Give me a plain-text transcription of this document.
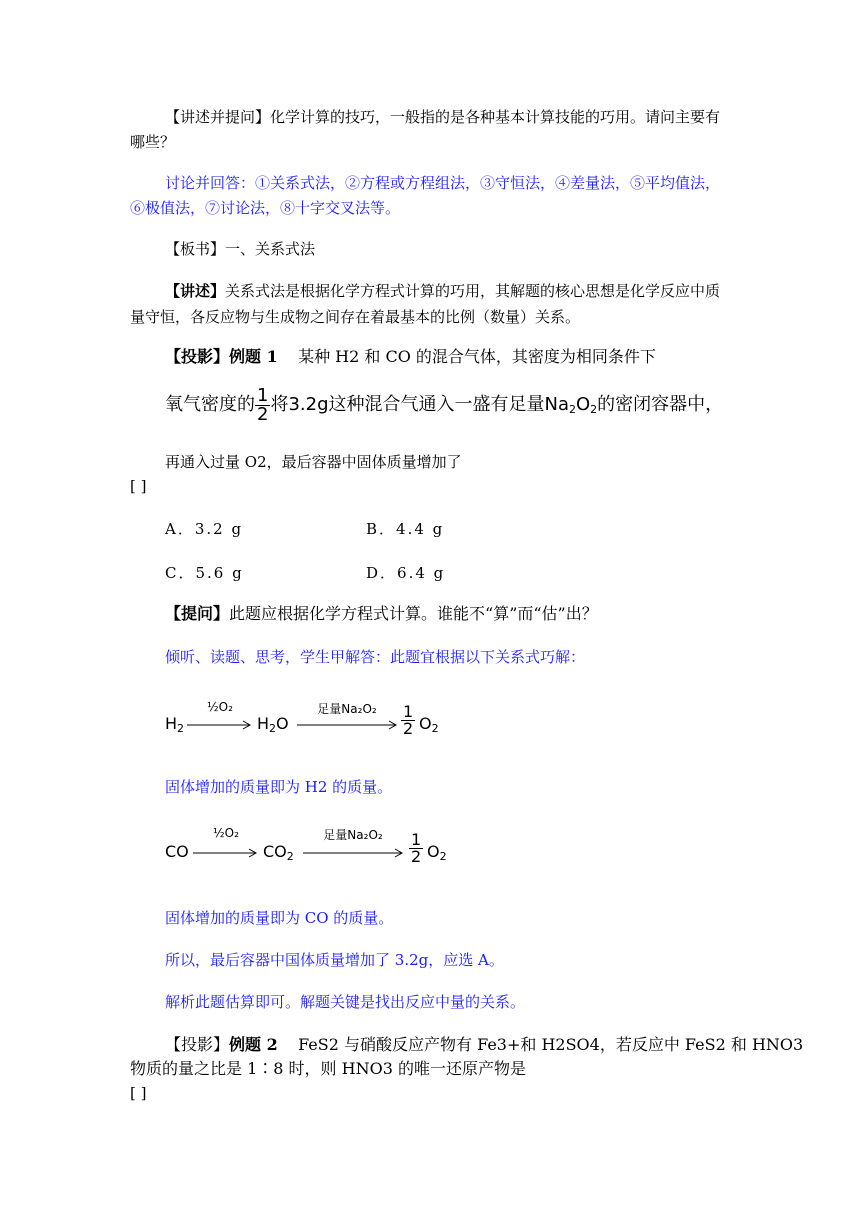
【讲述并提问】化学计算的技巧，一般指的是各种基本计算技能的巧用。请问主要有
哪些？
讨论并回答：①关系式法，②方程或方程组法，③守恒法，④差量法，⑤平均值法，
⑥极值法，⑦讨论法，⑧十字交叉法等。
【板书】一、关系式法
【讲述】关系式法是根据化学方程式计算的巧用，其解题的核心思想是化学反应中质
量守恒，各反应物与生成物之间存在着最基本的比例（数量）关系。
【投影】例题 1 某种 H2 和 CO 的混合气体，其密度为相同条件下
氧气密度的 $\frac{1}{2}$ 将3.2g这种混合气通入一盛有足量$Na_2O_2$的密闭容器中，
再通入过量 O2，最后容器中固体质量增加了
[ ]
A．3.2 g	B．4.4 g
C．5.6 g	D．6.4 g
【提问】此题应根据化学方程式计算。谁能不“算”而“估”出？
倾听、读题、思考，学生甲解答：此题宜根据以下关系式巧解：
$H_2$
½O₂
$H_2O$
足量Na₂O₂	$\frac{1}{2} O_2$
固体增加的质量即为 H2 的质量。
CO
½O₂
$CO_2$
足量Na₂O₂	$\frac{1}{2} O_2$
固体增加的质量即为 CO 的质量。
所以，最后容器中国体质量增加了 3.2g，应选 A。
解析此题估算即可。解题关键是找出反应中量的关系。
【投影】例题 2 FeS2 与硝酸反应产物有 Fe3+和 H2SO4，若反应中 FeS2 和 HNO3
物质的量之比是 1∶8 时，则 HNO3 的唯一还原产物是
[ ]
